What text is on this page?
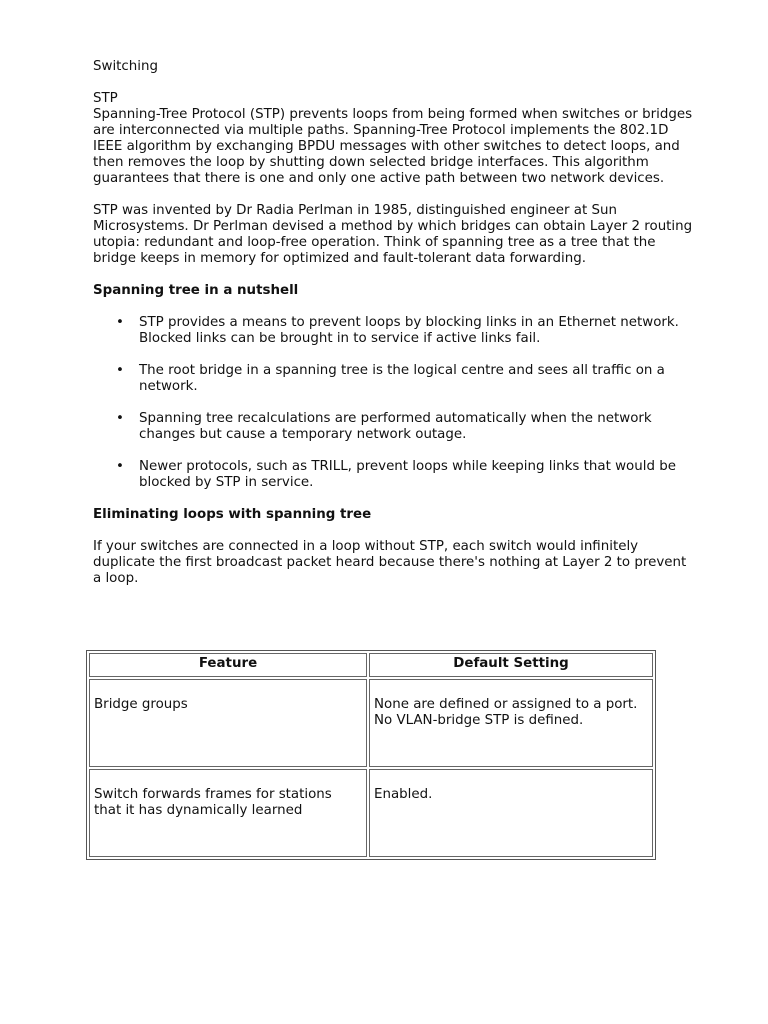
Switching

STP

Spanning-Tree Protocol (STP) prevents loops from being formed when switches or bridges are interconnected via multiple paths. Spanning-Tree Protocol implements the 802.1D IEEE algorithm by exchanging BPDU messages with other switches to detect loops, and then removes the loop by shutting down selected bridge interfaces. This algorithm guarantees that there is one and only one active path between two network devices.

STP was invented by Dr Radia Perlman in 1985, distinguished engineer at Sun Microsystems. Dr Perlman devised a method by which bridges can obtain Layer 2 routing utopia: redundant and loop-free operation. Think of spanning tree as a tree that the bridge keeps in memory for optimized and fault-tolerant data forwarding.

Spanning tree in a nutshell
• STP provides a means to prevent loops by blocking links in an Ethernet network. Blocked links can be brought in to service if active links fail.
• The root bridge in a spanning tree is the logical centre and sees all traffic on a network.
• Spanning tree recalculations are performed automatically when the network changes but cause a temporary network outage.
• Newer protocols, such as TRILL, prevent loops while keeping links that would be blocked by STP in service.
Eliminating loops with spanning tree

If your switches are connected in a loop without STP, each switch would infinitely duplicate the first broadcast packet heard because there's nothing at Layer 2 to prevent a loop.

Feature	Default Setting
Bridge groups	None are defined or assigned to a port. No VLAN-bridge STP is defined.
Switch forwards frames for stations that it has dynamically learned	Enabled.
